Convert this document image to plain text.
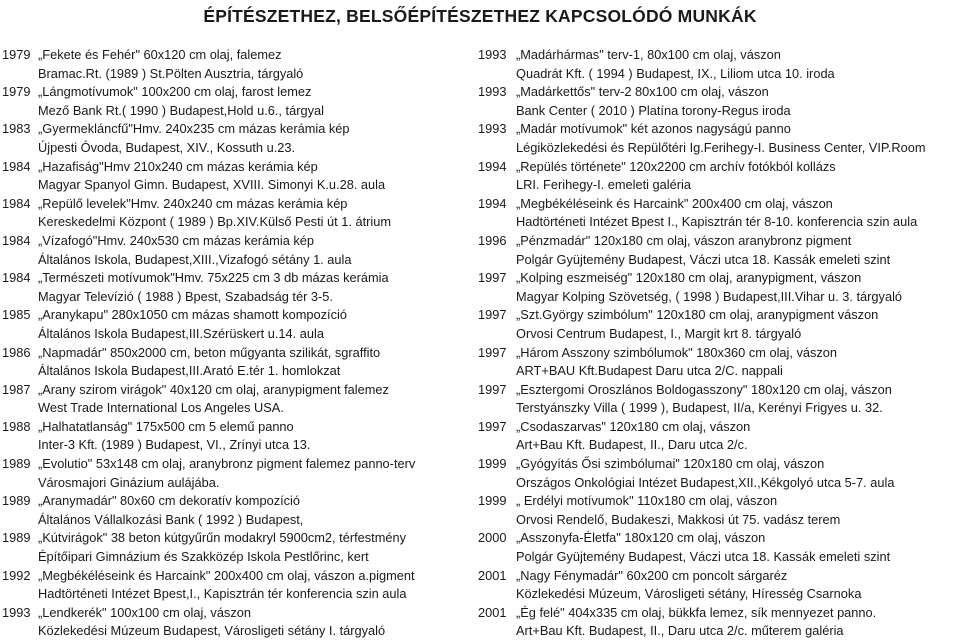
ÉPÍTÉSZETHEZ, BELSŐÉPÍTÉSZETHEZ KAPCSOLÓDÓ MUNKÁK
1979 „Fekete és Fehér" 60x120 cm olaj, falemez
Bramac.Rt. (1989 ) St.Pölten Ausztria, tárgyaló
1979 „Lángmotívumok" 100x200 cm olaj, farost lemez
Mező Bank Rt.( 1990 ) Budapest,Hold u.6., tárgyal
1983 „Gyermekláncfű"Hmv. 240x235 cm mázas kerámia kép
Újpesti Óvoda, Budapest, XIV., Kossuth u.23.
1984 „Hazafiság"Hmv 210x240 cm mázas kerámia kép
Magyar Spanyol Gimn. Budapest, XVIII. Simonyi K.u.28. aula
1984 „Repülő levelek"Hmv. 240x240 cm mázas kerámia kép
Kereskedelmi Központ ( 1989 ) Bp.XIV.Külső Pesti út 1. átrium
1984 „Vízafogó"Hmv. 240x530 cm mázas kerámia kép
Általános Iskola, Budapest,XIII.,Vizafogó sétány 1. aula
1984 „Természeti motívumok"Hmv. 75x225 cm 3 db mázas kerámia
Magyar Televízió ( 1988 ) Bpest, Szabadság tér 3-5.
1985 „Aranykapu" 280x1050 cm mázas shamott kompozíció
Általános Iskola Budapest,III.Szérüskert u.14. aula
1986 „Napmadár" 850x2000 cm, beton műgyanta szilikát, sgraffito
Általános Iskola Budapest,III.Arató E.tér 1. homlokzat
1987 „Arany szirom virágok" 40x120 cm olaj, aranypigment falemez
West Trade International Los Angeles USA.
1988 „Halhatatlanság" 175x500 cm 5 elemű panno
Inter-3 Kft. (1989 ) Budapest, VI., Zrínyi utca 13.
1989 „Evolutio" 53x148 cm olaj, aranybronz pigment falemez panno-terv
Városmajori Ginázium aulájába.
1989 „Aranymadár" 80x60 cm dekoratív kompozíció
Általános Vállalkozási Bank ( 1992 ) Budapest,
1989 „Kútvirágok" 38 beton kútgyűrűn modakryl 5900cm2, térfestmény
Építőipari Gimnázium és Szakközép Iskola Pestlőrinc, kert
1992 „Megbékéléseink és Harcaink" 200x400 cm olaj, vászon a.pigment
Hadtörténeti Intézet Bpest,I., Kapisztrán tér konferencia szin aula
1993 „Lendkerék" 100x100 cm olaj, vászon
Közlekedési Múzeum Budapest, Városligeti sétány I. tárgyaló
1993 „Madárhármas" terv-1, 80x100 cm olaj, vászon
Quadrát Kft. ( 1994 ) Budapest, IX., Liliom utca 10. iroda
1993 „Madárkettős" terv-2 80x100 cm olaj, vászon
Bank Center ( 2010 ) Platína torony-Regus iroda
1993 „Madár motívumok" két azonos nagyságú panno
Légiközlekedési és Repülőtéri Ig.Ferihegy-I. Business Center, VIP.Room
1994 „Repülés története" 120x2200 cm archív fotókból kollázs
LRI. Ferihegy-I. emeleti galéria
1994 „Megbékéléseink és Harcaink" 200x400 cm olaj, vászon
Hadtörténeti Intézet Bpest I., Kapisztrán tér 8-10. konferencia szin aula
1996 „Pénzmadár" 120x180 cm olaj, vászon aranybronz pigment
Polgár Gyüjtemény Budapest, Váczi utca 18. Kassák emeleti szint
1997 „Kolping eszmeiség" 120x180 cm olaj, aranypigment, vászon
Magyar Kolping Szövetség, ( 1998 ) Budapest,III.Vihar u. 3. tárgyaló
1997 „Szt.György szimbólum" 120x180 cm olaj, aranypigment vászon
Orvosi Centrum Budapest, I., Margit krt 8. tárgyaló
1997 „Három Asszony szimbólumok" 180x360 cm olaj, vászon
ART+BAU Kft.Budapest Daru utca 2/C. nappali
1997 „Esztergomi Oroszlános Boldogasszony" 180x120 cm olaj, vászon
Terstyánszky Villa ( 1999 ), Budapest, II/a, Kerényi Frigyes u. 32.
1997 „Csodaszarvas" 120x180 cm olaj, vászon
Art+Bau Kft. Budapest, II., Daru utca 2/c.
1999 „Gyógyítás Ősi szimbólumai" 120x180 cm olaj, vászon
Országos Onkológiai Intézet Budapest,XII.,Kékgolyó utca 5-7. aula
1999 „ Erdélyi motívumok" 110x180 cm olaj, vászon
Orvosi Rendelő, Budakeszi, Makkosi út 75. vadász terem
2000 „Asszonyfa-Életfa" 180x120 cm olaj, vászon
Polgár Gyüjtemény Budapest, Váczi utca 18. Kassák emeleti szint
2001 „Nagy Fénymadár" 60x200 cm poncolt sárgaréz
Közlekedési Múzeum, Városligeti sétány, Híresség Csarnoka
2001 „Ég felé" 404x335 cm olaj, bükkfa lemez, sík mennyezet panno.
Art+Bau Kft. Budapest, II., Daru utca 2/c. műterem galéria
